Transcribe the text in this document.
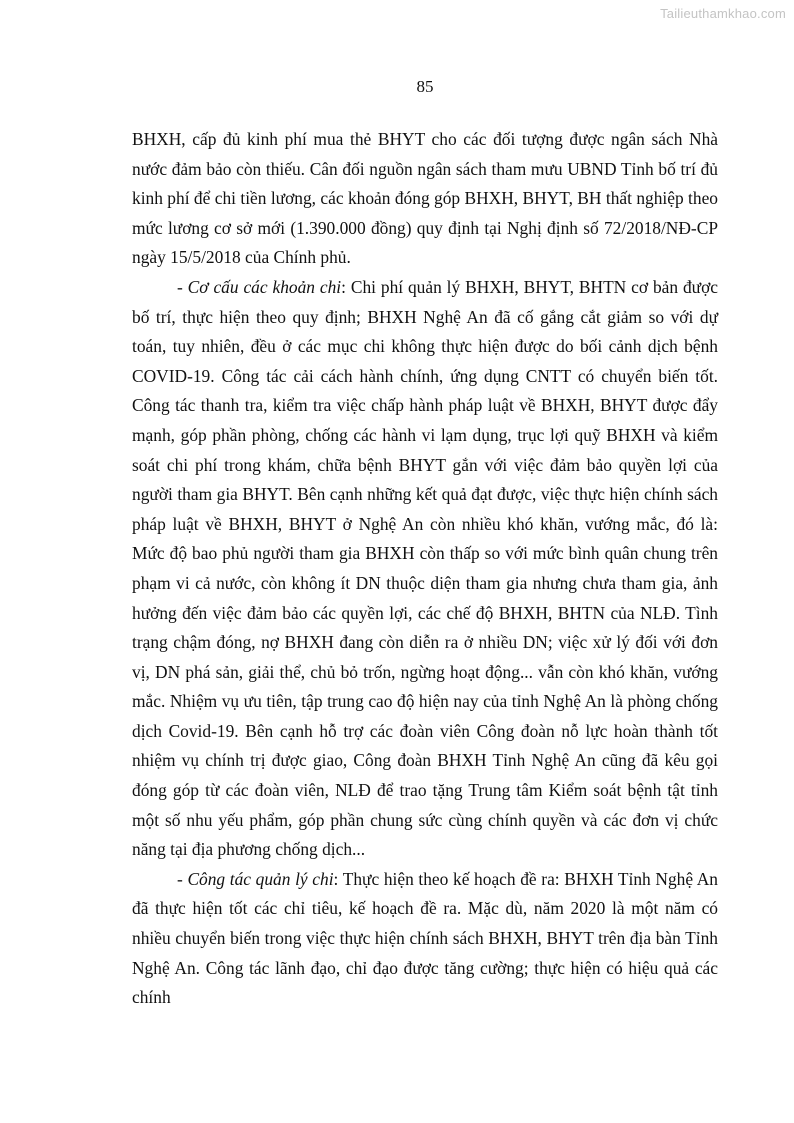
Tailieuthamkhao.com
85

BHXH, cấp đủ kinh phí mua thẻ BHYT cho các đối tượng được ngân sách Nhà nước đảm bảo còn thiếu. Cân đối nguồn ngân sách tham mưu UBND Tỉnh bố trí đủ kinh phí để chi tiền lương, các khoản đóng góp BHXH, BHYT, BH thất nghiệp theo mức lương cơ sở mới (1.390.000 đồng) quy định tại Nghị định số 72/2018/NĐ-CP ngày 15/5/2018 của Chính phủ.

- Cơ cấu các khoản chi: Chi phí quản lý BHXH, BHYT, BHTN cơ bản được bố trí, thực hiện theo quy định; BHXH Nghệ An đã cố gắng cắt giảm so với dự toán, tuy nhiên, đều ở các mục chi không thực hiện được do bối cảnh dịch bệnh COVID-19. Công tác cải cách hành chính, ứng dụng CNTT có chuyển biến tốt. Công tác thanh tra, kiểm tra việc chấp hành pháp luật về BHXH, BHYT được đẩy mạnh, góp phần phòng, chống các hành vi lạm dụng, trục lợi quỹ BHXH và kiểm soát chi phí trong khám, chữa bệnh BHYT gắn với việc đảm bảo quyền lợi của người tham gia BHYT. Bên cạnh những kết quả đạt được, việc thực hiện chính sách pháp luật về BHXH, BHYT ở Nghệ An còn nhiều khó khăn, vướng mắc, đó là: Mức độ bao phủ người tham gia BHXH còn thấp so với mức bình quân chung trên phạm vi cả nước, còn không ít DN thuộc diện tham gia nhưng chưa tham gia, ảnh hưởng đến việc đảm bảo các quyền lợi, các chế độ BHXH, BHTN của NLĐ. Tình trạng chậm đóng, nợ BHXH đang còn diễn ra ở nhiều DN; việc xử lý đối với đơn vị, DN phá sản, giải thể, chủ bỏ trốn, ngừng hoạt động... vẫn còn khó khăn, vướng mắc. Nhiệm vụ ưu tiên, tập trung cao độ hiện nay của tỉnh Nghệ An là phòng chống dịch Covid-19. Bên cạnh hỗ trợ các đoàn viên Công đoàn nỗ lực hoàn thành tốt nhiệm vụ chính trị được giao, Công đoàn BHXH Tỉnh Nghệ An cũng đã kêu gọi đóng góp từ các đoàn viên, NLĐ để trao tặng Trung tâm Kiểm soát bệnh tật tỉnh một số nhu yếu phẩm, góp phần chung sức cùng chính quyền và các đơn vị chức năng tại địa phương chống dịch...

- Công tác quản lý chi: Thực hiện theo kế hoạch đề ra: BHXH Tỉnh Nghệ An đã thực hiện tốt các chỉ tiêu, kế hoạch đề ra. Mặc dù, năm 2020 là một năm có nhiều chuyển biến trong việc thực hiện chính sách BHXH, BHYT trên địa bàn Tỉnh Nghệ An. Công tác lãnh đạo, chỉ đạo được tăng cường; thực hiện có hiệu quả các chính
